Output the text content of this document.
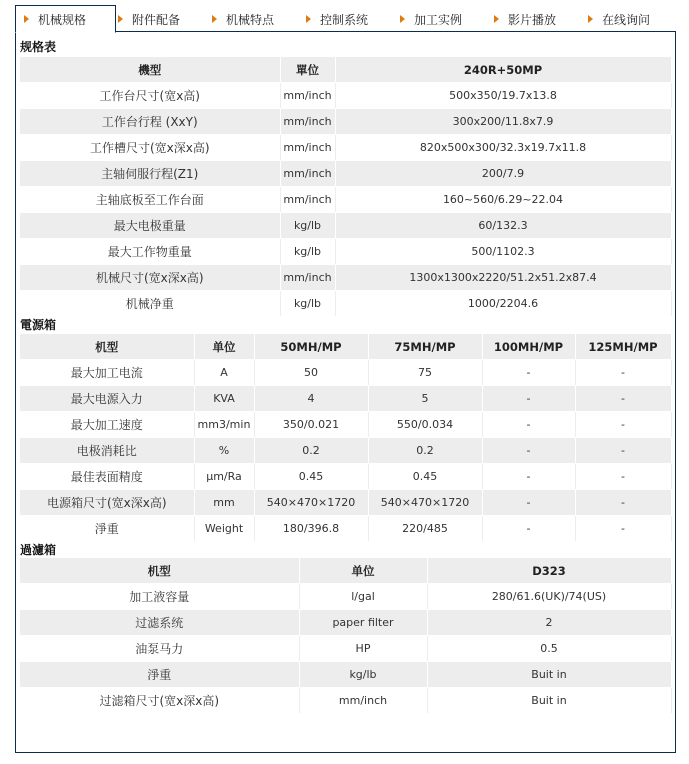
机械规格	附件配备	机械特点	控制系统	加工实例	影片播放	在线询问
规格表
機型	單位	240R+50MP
工作台尺寸(宽x高)	mm/inch	500x350/19.7x13.8
工作台行程 (XxY)	mm/inch	300x200/11.8x7.9
工作槽尺寸(宽x深x高)	mm/inch	820x500x300/32.3x19.7x11.8
主轴伺服行程(Z1)	mm/inch	200/7.9
主轴底板至工作台面	mm/inch	160~560/6.29~22.04
最大电极重量	kg/lb	60/132.3
最大工作物重量	kg/lb	500/1102.3
机械尺寸(宽x深x高)	mm/inch	1300x1300x2220/51.2x51.2x87.4
机械净重	kg/lb	1000/2204.6
電源箱
机型	单位	50MH/MP	75MH/MP	100MH/MP	125MH/MP
最大加工电流	A	50	75	-	-
最大电源入力	KVA	4	5	-	-
最大加工速度	mm3/min	350/0.021	550/0.034	-	-
电极消耗比	%	0.2	0.2	-	-
最佳表面精度	μm/Ra	0.45	0.45	-	-
电源箱尺寸(宽x深x高)	mm	540×470×1720	540×470×1720	-	-
淨重	Weight	180/396.8	220/485	-	-
過濾箱
机型	单位	D323
加工液容量	l/gal	280/61.6(UK)/74(US)
过滤系统	paper filter	2
油泵马力	HP	0.5
淨重	kg/lb	Buit in
过滤箱尺寸(宽x深x高)	mm/inch	Buit in
